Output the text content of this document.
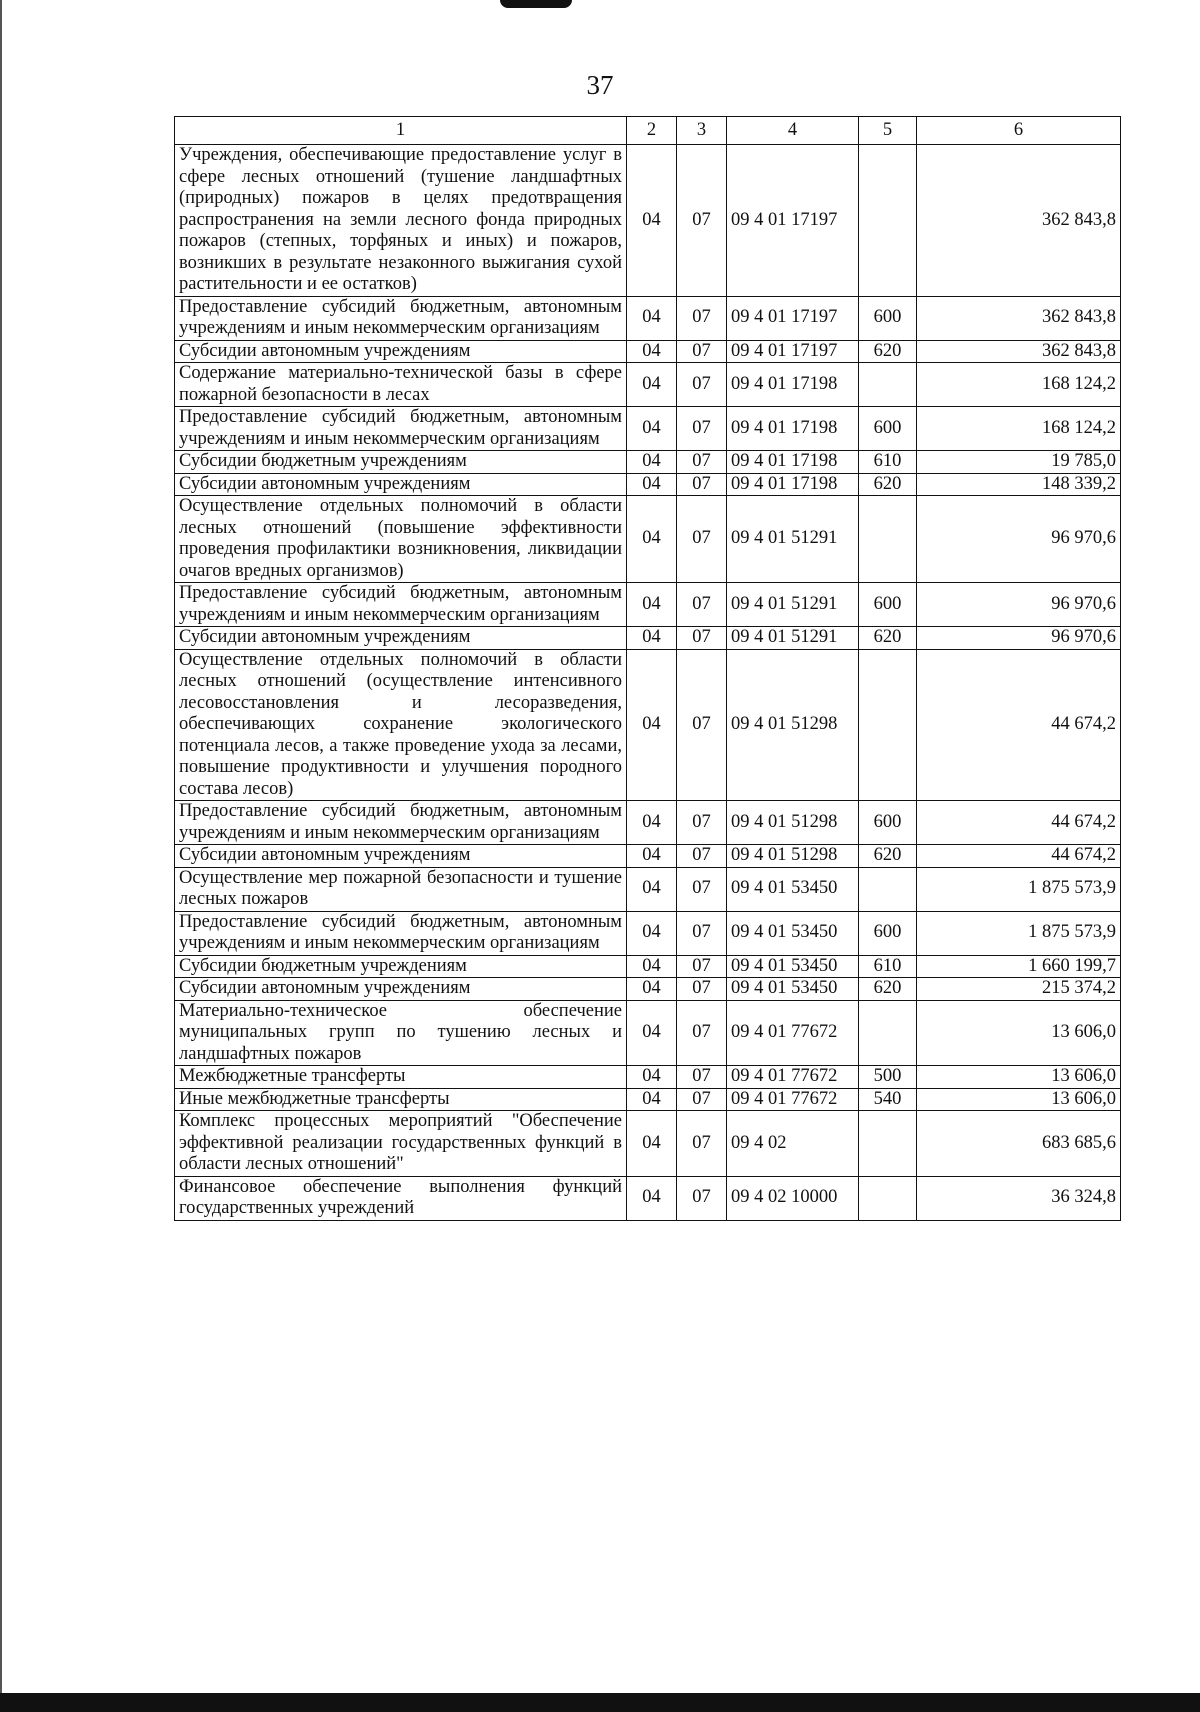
37
1	2	3	4	5	6
Учреждения, обеспечивающие предоставление услуг в сфере лесных отношений (тушение ландшафтных (природных) пожаров в целях предотвращения распространения на земли лесного фонда природных пожаров (степных, торфяных и иных) и пожаров, возникших в результате незаконного выжигания сухой растительности и ее остатков)	04	07	09 4 01 17197		362 843,8
Предоставление субсидий бюджетным, автономным учреждениям и иным некоммерческим организациям	04	07	09 4 01 17197	600	362 843,8
Субсидии автономным учреждениям	04	07	09 4 01 17197	620	362 843,8
Содержание материально-технической базы в сфере пожарной безопасности в лесах	04	07	09 4 01 17198		168 124,2
Предоставление субсидий бюджетным, автономным учреждениям и иным некоммерческим организациям	04	07	09 4 01 17198	600	168 124,2
Субсидии бюджетным учреждениям	04	07	09 4 01 17198	610	19 785,0
Субсидии автономным учреждениям	04	07	09 4 01 17198	620	148 339,2
Осуществление отдельных полномочий в области лесных отношений (повышение эффективности проведения профилактики возникновения, ликвидации очагов вредных организмов)	04	07	09 4 01 51291		96 970,6
Предоставление субсидий бюджетным, автономным учреждениям и иным некоммерческим организациям	04	07	09 4 01 51291	600	96 970,6
Субсидии автономным учреждениям	04	07	09 4 01 51291	620	96 970,6
Осуществление отдельных полномочий в области лесных отношений (осуществление интенсивного лесовосстановления и лесоразведения, обеспечивающих сохранение экологического потенциала лесов, а также проведение ухода за лесами, повышение продуктивности и улучшения породного состава лесов)	04	07	09 4 01 51298		44 674,2
Предоставление субсидий бюджетным, автономным учреждениям и иным некоммерческим организациям	04	07	09 4 01 51298	600	44 674,2
Субсидии автономным учреждениям	04	07	09 4 01 51298	620	44 674,2
Осуществление мер пожарной безопасности и тушение лесных пожаров	04	07	09 4 01 53450		1 875 573,9
Предоставление субсидий бюджетным, автономным учреждениям и иным некоммерческим организациям	04	07	09 4 01 53450	600	1 875 573,9
Субсидии бюджетным учреждениям	04	07	09 4 01 53450	610	1 660 199,7
Субсидии автономным учреждениям	04	07	09 4 01 53450	620	215 374,2
Материально-техническое обеспечение муниципальных групп по тушению лесных и ландшафтных пожаров	04	07	09 4 01 77672		13 606,0
Межбюджетные трансферты	04	07	09 4 01 77672	500	13 606,0
Иные межбюджетные трансферты	04	07	09 4 01 77672	540	13 606,0
Комплекс процессных мероприятий "Обеспечение эффективной реализации государственных функций в области лесных отношений"	04	07	09 4 02		683 685,6
Финансовое обеспечение выполнения функций государственных учреждений	04	07	09 4 02 10000		36 324,8
